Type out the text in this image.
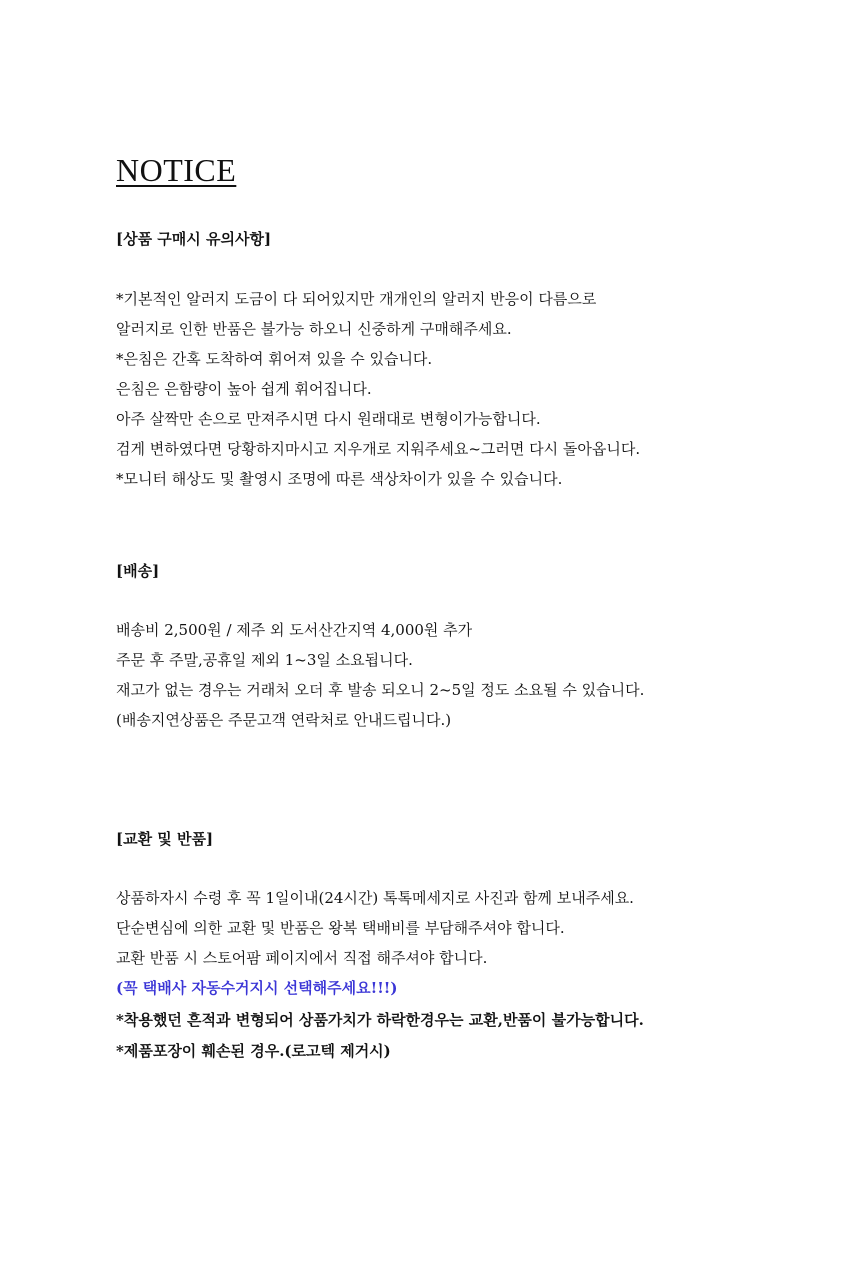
NOTICE
[상품 구매시 유의사항]
*기본적인 알러지 도금이 다 되어있지만 개개인의 알러지 반응이 다름으로
알러지로 인한 반품은 불가능 하오니 신중하게 구매해주세요.
*은침은 간혹 도착하여 휘어져 있을 수 있습니다.
은침은 은함량이 높아 쉽게 휘어집니다.
아주 살짝만 손으로 만져주시면 다시 원래대로 변형이가능합니다.
검게 변하였다면 당황하지마시고 지우개로 지워주세요~그러면 다시 돌아옵니다.
*모니터 해상도 및 촬영시 조명에 따른 색상차이가 있을 수 있습니다.
[배송]
배송비 2,500원 / 제주 외 도서산간지역 4,000원 추가
주문 후 주말,공휴일 제외 1~3일 소요됩니다.
재고가 없는 경우는 거래처 오더 후 발송 되오니 2~5일 정도 소요될 수 있습니다.
(배송지연상품은 주문고객 연락처로 안내드립니다.)
[교환 및 반품]
상품하자시 수령 후 꼭 1일이내(24시간) 톡톡메세지로 사진과 함께 보내주세요.
단순변심에 의한 교환 및 반품은 왕복 택배비를 부담해주셔야 합니다.
교환 반품 시 스토어팜 페이지에서 직접 해주셔야 합니다.
(꼭 택배사 자동수거지시 선택해주세요!!!)
*착용했던 흔적과 변형되어 상품가치가 하락한경우는 교환,반품이 불가능합니다.
*제품포장이 훼손된 경우.(로고텍 제거시)
